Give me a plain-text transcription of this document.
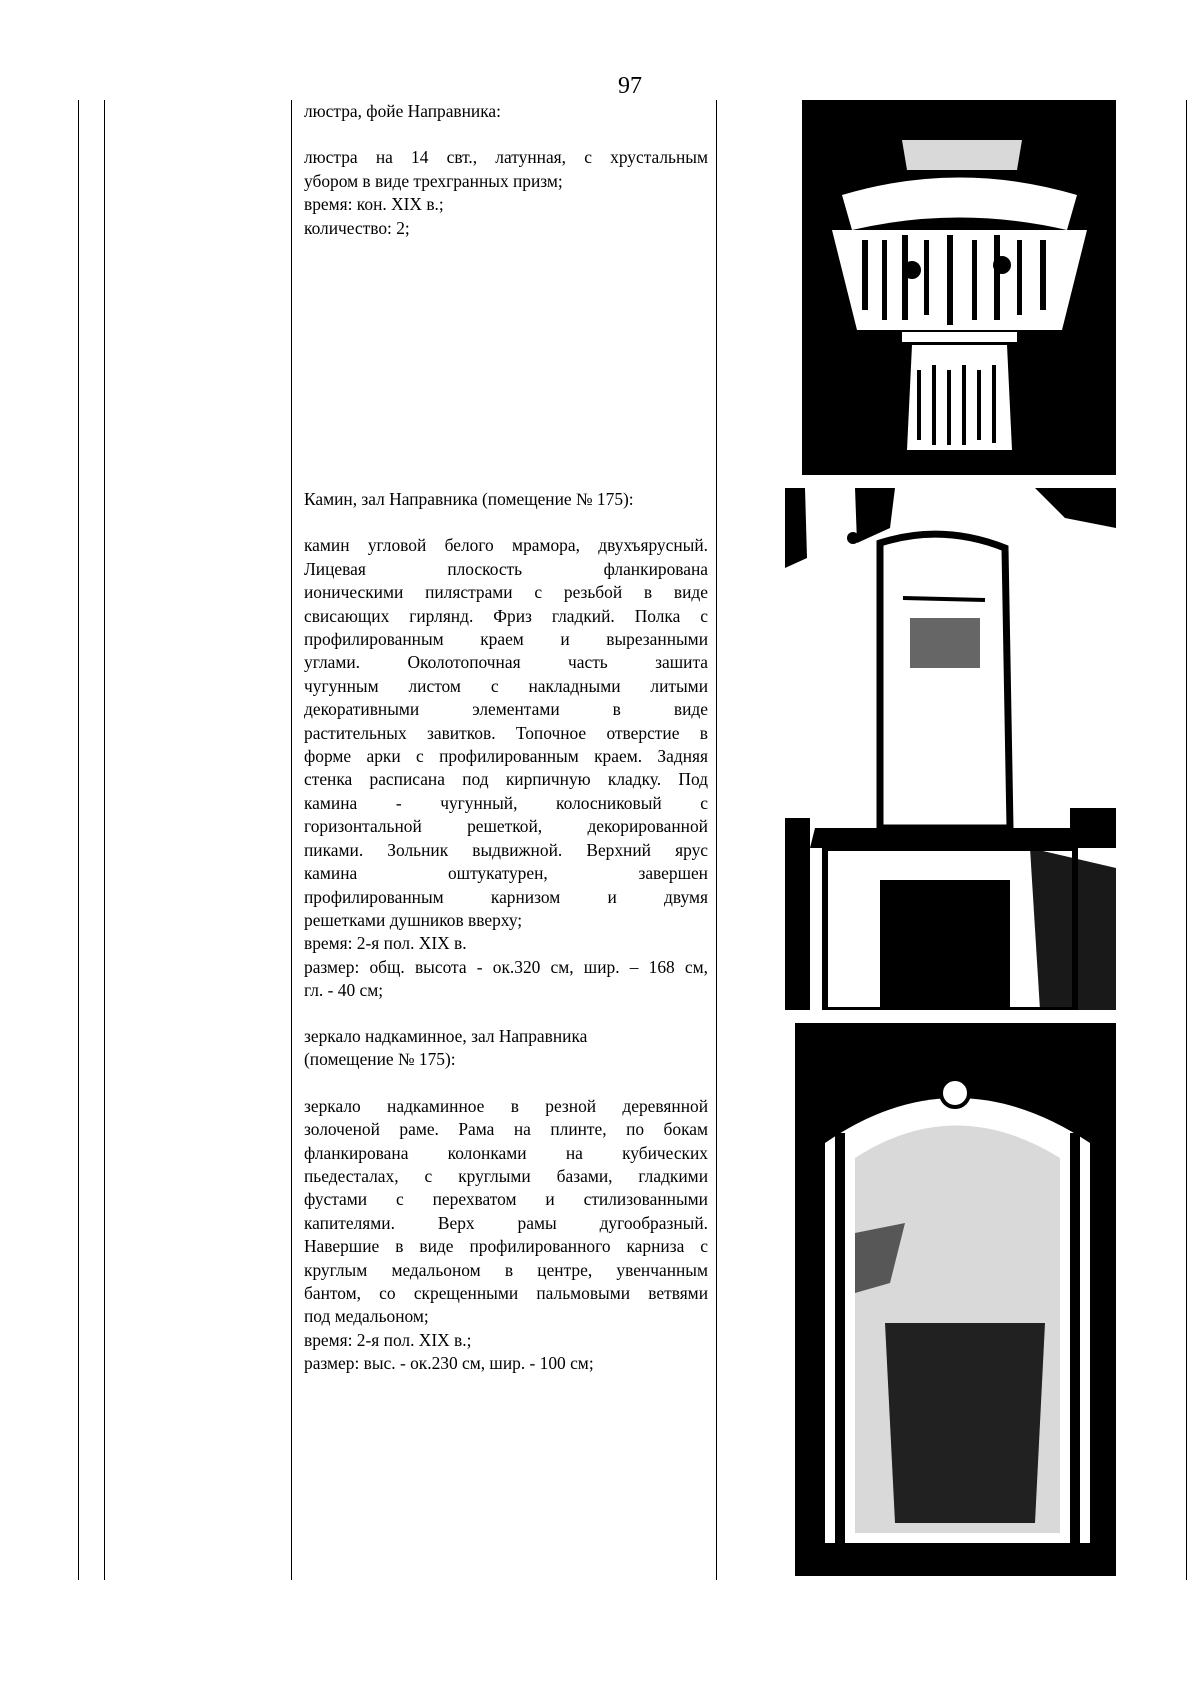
97

люстра, фойе Направника:

люстра на 14 свт., латунная, с хрустальным

убором в виде трехгранных призм;

время: кон. XIX в.;

количество: 2;

Камин, зал Направника (помещение № 175):

камин угловой белого мрамора, двухъярусный.

Лицевая плоскость фланкирована

ионическими пилястрами с резьбой в виде

свисающих гирлянд. Фриз гладкий. Полка с

профилированным краем и вырезанными

углами. Околотопочная часть зашита

чугунным листом с накладными литыми

декоративными элементами в виде

растительных завитков. Топочное отверстие в

форме арки с профилированным краем. Задняя

стенка расписана под кирпичную кладку. Под

камина - чугунный, колосниковый с

горизонтальной решеткой, декорированной

пиками. Зольник выдвижной. Верхний ярус

камина оштукатурен, завершен

профилированным карнизом и двумя

решетками душников вверху;

время: 2-я пол. XIX в.

размер: общ. высота - ок.320 см, шир. – 168 см,

гл. - 40 см;

зеркало надкаминное, зал Направника

(помещение № 175):

зеркало надкаминное в резной деревянной

золоченой раме. Рама на плинте, по бокам

фланкирована колонками на кубических

пьедесталах, с круглыми базами, гладкими

фустами с перехватом и стилизованными

капителями. Верх рамы дугообразный.

Навершие в виде профилированного карниза с

круглым медальоном в центре, увенчанным

бантом, со скрещенными пальмовыми ветвями

под медальоном;

время: 2-я пол. XIX в.;

размер: выс. - ок.230 см, шир. - 100 см;
